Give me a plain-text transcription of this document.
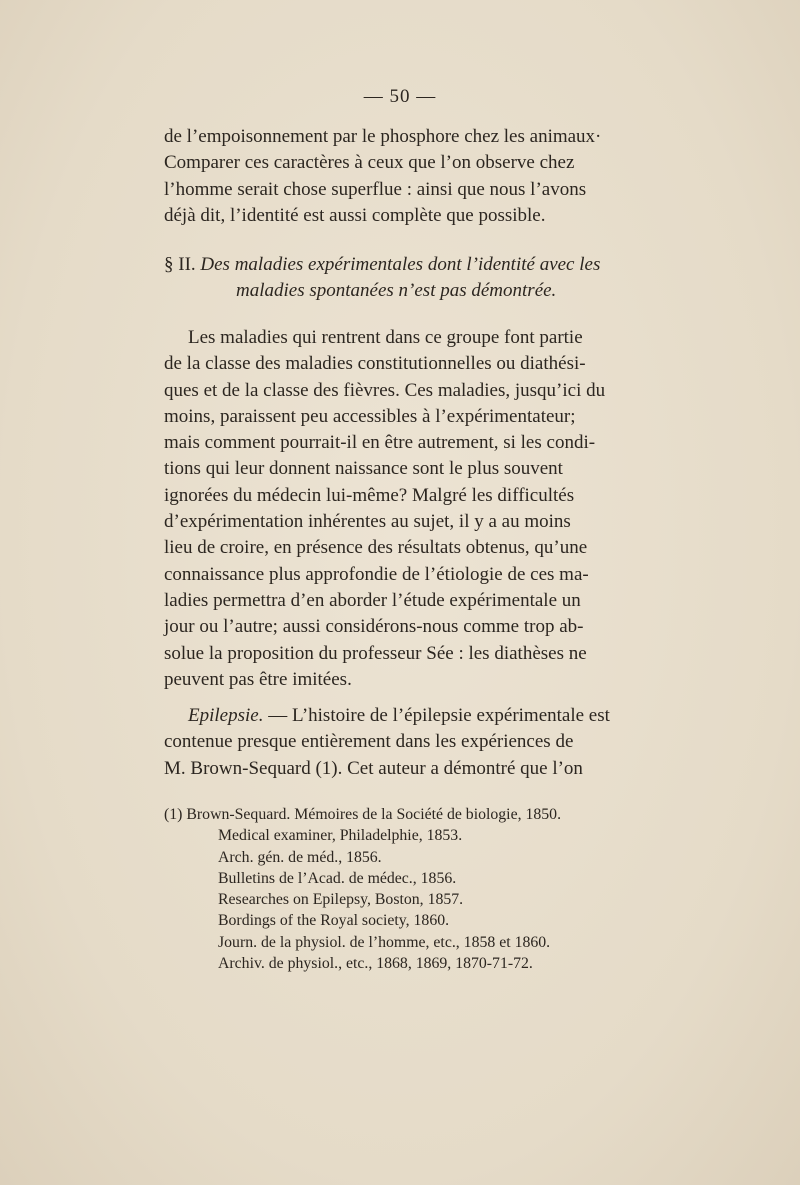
— 50 —

de l’empoisonnement par le phosphore chez les animaux·

Comparer ces caractères à ceux que l’on observe chez

l’homme serait chose superflue : ainsi que nous l’avons

déjà dit, l’identité est aussi complète que possible.

§ II. Des maladies expérimentales dont l’identité avec les

maladies spontanées n’est pas démontrée.

Les maladies qui rentrent dans ce groupe font partie

de la classe des maladies constitutionnelles ou diathési-

ques et de la classe des fièvres. Ces maladies, jusqu’ici du

moins, paraissent peu accessibles à l’expérimentateur;

mais comment pourrait-il en être autrement, si les condi-

tions qui leur donnent naissance sont le plus souvent

ignorées du médecin lui-même? Malgré les difficultés

d’expérimentation inhérentes au sujet, il y a au moins

lieu de croire, en présence des résultats obtenus, qu’une

connaissance plus approfondie de l’étiologie de ces ma-

ladies permettra d’en aborder l’étude expérimentale un

jour ou l’autre; aussi considérons-nous comme trop ab-

solue la proposition du professeur Sée : les diathèses ne

peuvent pas être imitées.

Epilepsie. — L’histoire de l’épilepsie expérimentale est

contenue presque entièrement dans les expériences de

M. Brown-Sequard (1). Cet auteur a démontré que l’on

(1) Brown-Sequard. Mémoires de la Société de biologie, 1850.
Medical examiner, Philadelphie, 1853.
Arch. gén. de méd., 1856.
Bulletins de l’Acad. de médec., 1856.
Researches on Epilepsy, Boston, 1857.
Bordings of the Royal society, 1860.
Journ. de la physiol. de l’homme, etc., 1858 et 1860.
Archiv. de physiol., etc., 1868, 1869, 1870-71-72.
